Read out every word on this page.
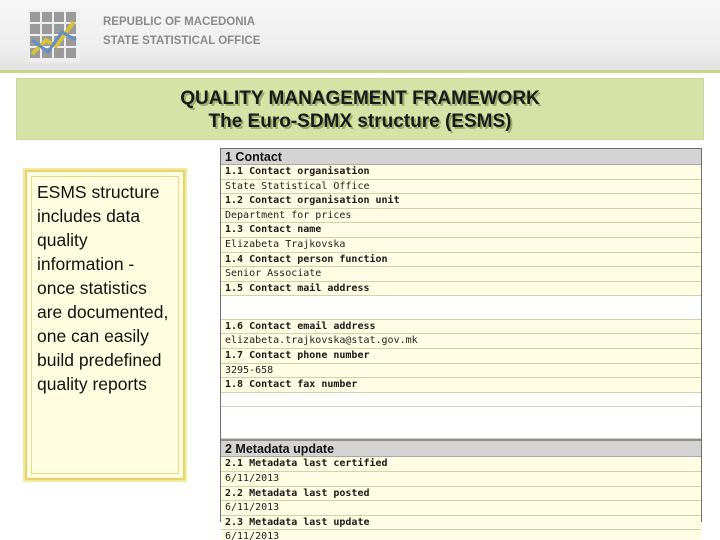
REPUBLIC OF MACEDONIA
STATE STATISTICAL OFFICE
QUALITY MANAGEMENT FRAMEWORK
The Euro-SDMX structure (ESMS)
ESMS structure includes data quality information - once statistics are documented, one can easily build predefined quality reports
1 Contact
1.1 Contact organisation
State Statistical Office
1.2 Contact organisation unit
Department for prices
1.3 Contact name
Elizabeta Trajkovska
1.4 Contact person function
Senior Associate
1.5 Contact mail address
1.6 Contact email address
elizabeta.trajkovska@stat.gov.mk
1.7 Contact phone number
3295-658
1.8 Contact fax number
2 Metadata update
2.1 Metadata last certified
6/11/2013
2.2 Metadata last posted
6/11/2013
2.3 Metadata last update
6/11/2013
